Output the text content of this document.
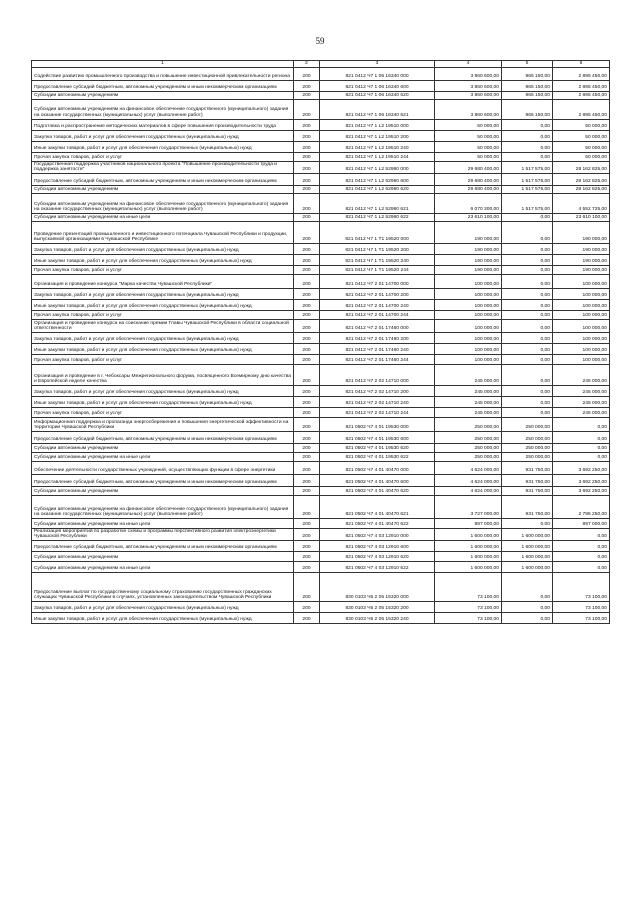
59
1	2	3	4	5	6
Содействие развитию промышленного производства и повышение инвестиционной привлекательности региона	200	821 0412 Ч7 1 06 16340 000	3 860 600,00	965 150,00	2 895 450,00
Предоставление субсидий бюджетным, автономным учреждениям и иным некоммерческим организациям	200	821 0412 Ч7 1 06 16340 600	3 860 600,00	965 150,00	2 895 450,00
Субсидии автономным учреждениям	200	821 0412 Ч7 1 06 16340 620	3 860 600,00	965 150,00	2 895 450,00
Субсидии автономным учреждениям на финансовое обеспечение государственного (муниципального) задания на оказание государственных (муниципальных) услуг (выполнение работ)	200	821 0412 Ч7 1 06 16340 621	3 860 600,00	965 150,00	2 895 450,00
Подготовка и распространение методических материалов в сфере повышения производительности труда	200	821 0412 Ч7 1 L2 19510 000	50 000,00	0,00	50 000,00
Закупка товаров, работ и услуг для обеспечения государственных (муниципальных) нужд	200	821 0412 Ч7 1 L2 19510 200	50 000,00	0,00	50 000,00
Иные закупки товаров, работ и услуг для обеспечения государственных (муниципальных) нужд	200	821 0412 Ч7 1 L2 19510 240	50 000,00	0,00	50 000,00
Прочая закупка товаров, работ и услуг	200	821 0412 Ч7 1 L2 19510 244	50 000,00	0,00	50 000,00
Государственная поддержка участников национального проекта "Повышение производительности труда и поддержка занятости"	200	821 0412 Ч7 1 L2 52960 000	29 680 400,00	1 517 575,00	28 162 825,00
Предоставление субсидий бюджетным, автономным учреждениям и иным некоммерческим организациям	200	821 0412 Ч7 1 L2 52960 600	29 680 400,00	1 517 575,00	28 162 825,00
Субсидии автономным учреждениям	200	821 0412 Ч7 1 L2 52960 620	29 680 400,00	1 517 575,00	28 162 825,00
Субсидии автономным учреждениям на финансовое обеспечение государственного (муниципального) задания на оказание государственных (муниципальных) услуг (выполнение работ)	200	821 0412 Ч7 1 L2 52960 621	6 070 300,00	1 517 575,00	4 552 725,00
Субсидии автономным учреждениям на иные цели	200	821 0412 Ч7 1 L2 52960 622	23 610 100,00	0,00	23 610 100,00
Проведение презентаций промышленного и инвестиционного потенциала Чувашской Республики и продукции, выпускаемой организациями в Чувашской Республике	200	821 0412 Ч7 1 Т1 19520 000	190 000,00	0,00	190 000,00
Закупка товаров, работ и услуг для обеспечения государственных (муниципальных) нужд	200	821 0412 Ч7 1 Т1 19520 200	190 000,00	0,00	190 000,00
Иные закупки товаров, работ и услуг для обеспечения государственных (муниципальных) нужд	200	821 0412 Ч7 1 Т1 19520 240	190 000,00	0,00	190 000,00
Прочая закупка товаров, работ и услуг	200	821 0412 Ч7 1 Т1 19520 244	190 000,00	0,00	190 000,00
Организация и проведение конкурса "Марка качества Чувашской Республики"	200	821 0412 Ч7 2 01 14700 000	100 000,00	0,00	100 000,00
Закупка товаров, работ и услуг для обеспечения государственных (муниципальных) нужд	200	821 0412 Ч7 2 01 14700 200	100 000,00	0,00	100 000,00
Иные закупки товаров, работ и услуг для обеспечения государственных (муниципальных) нужд	200	821 0412 Ч7 2 01 14700 240	100 000,00	0,00	100 000,00
Прочая закупка товаров, работ и услуг	200	821 0412 Ч7 2 01 14700 244	100 000,00	0,00	100 000,00
Организация и проведение конкурса на соискание премии Главы Чувашской Республики в области социальной ответственности	200	821 0412 Ч7 2 01 17460 000	100 000,00	0,00	100 000,00
Закупка товаров, работ и услуг для обеспечения государственных (муниципальных) нужд	200	821 0412 Ч7 2 01 17460 200	100 000,00	0,00	100 000,00
Иные закупки товаров, работ и услуг для обеспечения государственных (муниципальных) нужд	200	821 0412 Ч7 2 01 17460 240	100 000,00	0,00	100 000,00
Прочая закупка товаров, работ и услуг	200	821 0412 Ч7 2 01 17460 244	100 000,00	0,00	100 000,00
Организация и проведение в г. Чебоксары Межрегионального форума, посвященного Всемирному дню качества и Европейской неделе качества	200	821 0412 Ч7 2 02 14710 000	245 000,00	0,00	245 000,00
Закупка товаров, работ и услуг для обеспечения государственных (муниципальных) нужд	200	821 0412 Ч7 2 02 14710 200	245 000,00	0,00	245 000,00
Иные закупки товаров, работ и услуг для обеспечения государственных (муниципальных) нужд	200	821 0412 Ч7 2 02 14710 240	245 000,00	0,00	245 000,00
Прочая закупка товаров, работ и услуг	200	821 0412 Ч7 2 02 14710 244	245 000,00	0,00	245 000,00
Информационная поддержка и пропаганда энергосбережения и повышения энергетической эффективности на территории Чувашской Республики	200	821 0502 Ч7 4 01 19530 000	250 000,00	250 000,00	0,00
Предоставление субсидий бюджетным, автономным учреждениям и иным некоммерческим организациям	200	821 0502 Ч7 4 01 19530 600	250 000,00	250 000,00	0,00
Субсидии автономным учреждениям	200	821 0502 Ч7 4 01 19530 620	250 000,00	250 000,00	0,00
Субсидии автономным учреждениям на иные цели	200	821 0502 Ч7 4 01 19530 622	250 000,00	250 000,00	0,00
Обеспечение деятельности государственных учреждений, осуществляющих функции в сфере энергетики	200	821 0502 Ч7 4 01 40470 000	4 624 000,00	931 750,00	3 692 250,00
Предоставление субсидий бюджетным, автономным учреждениям и иным некоммерческим организациям	200	821 0502 Ч7 4 01 40470 600	4 624 000,00	931 750,00	3 692 250,00
Субсидии автономным учреждениям	200	821 0502 Ч7 4 01 40470 620	4 624 000,00	931 750,00	3 692 250,00
Субсидии автономным учреждениям на финансовое обеспечение государственного (муниципального) задания на оказание государственных (муниципальных) услуг (выполнение работ)	200	821 0502 Ч7 4 01 40470 621	3 727 000,00	931 750,00	2 795 250,00
Субсидии автономным учреждениям на иные цели	200	821 0502 Ч7 4 01 40470 622	897 000,00	0,00	897 000,00
Реализация мероприятий по разработке схемы и программы перспективного развития электроэнергетики Чувашской Республики	200	821 0502 Ч7 4 03 12910 000	1 600 000,00	1 600 000,00	0,00
Предоставление субсидий бюджетным, автономным учреждениям и иным некоммерческим организациям	200	821 0502 Ч7 4 03 12910 600	1 600 000,00	1 600 000,00	0,00
Субсидии автономным учреждениям	200	821 0502 Ч7 4 03 12910 620	1 600 000,00	1 600 000,00	0,00
Субсидии автономным учреждениям на иные цели	200	821 0502 Ч7 4 03 12910 622	1 600 000,00	1 600 000,00	0,00
Предоставление выплат по государственному социальному страхованию государственных гражданских служащих Чувашской Республики в случаях, установленных законодательством Чувашской Республики	200	830 0103 Ч5 2 05 15320 000	73 100,00	0,00	73 100,00
Закупка товаров, работ и услуг для обеспечения государственных (муниципальных) нужд	200	830 0103 Ч5 2 05 15320 200	73 100,00	0,00	73 100,00
Иные закупки товаров, работ и услуг для обеспечения государственных (муниципальных) нужд	200	830 0103 Ч5 2 05 15320 240	73 100,00	0,00	73 100,00
